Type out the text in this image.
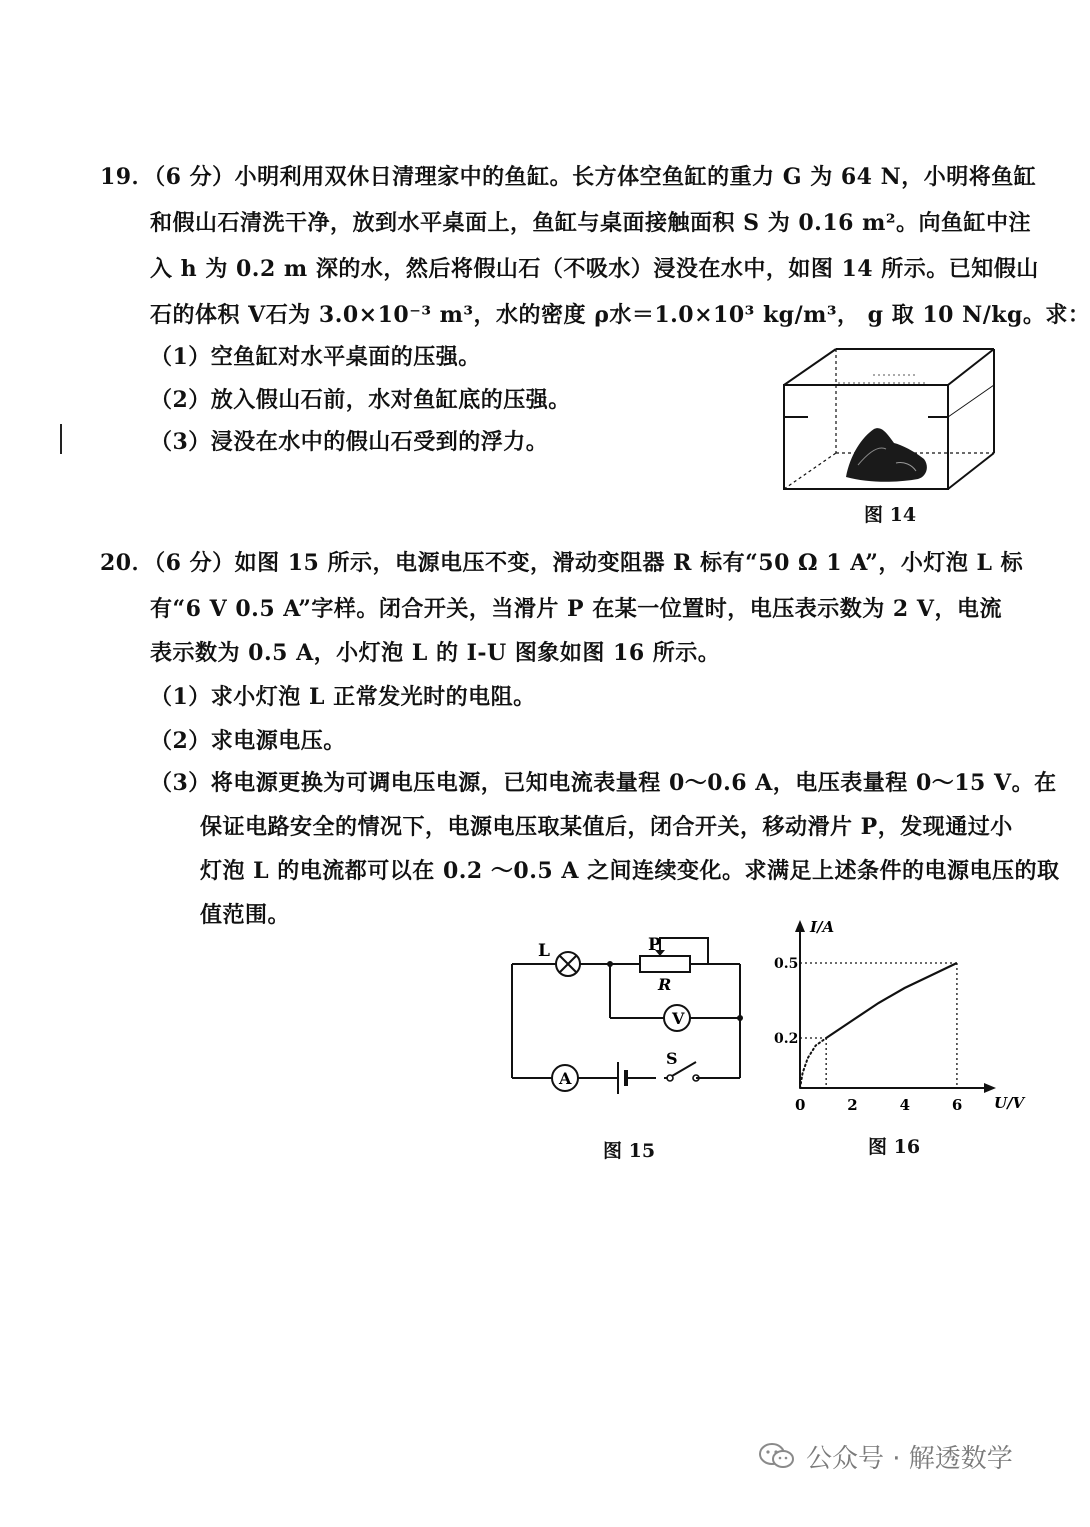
19．（6 分）小明利用双休日清理家中的鱼缸。长方体空鱼缸的重力 G 为 64 N，小明将鱼缸
和假山石清洗干净，放到水平桌面上，鱼缸与桌面接触面积 S 为 0.16 m²。向鱼缸中注
入 h 为 0.2 m 深的水，然后将假山石（不吸水）浸没在水中，如图 14 所示。已知假山
石的体积 V石为 3.0×10⁻³ m³，水的密度 ρ水＝1.0×10³ kg/m³， g 取 10 N/kg。求：
（1）空鱼缸对水平桌面的压强。
（2）放入假山石前，水对鱼缸底的压强。
（3）浸没在水中的假山石受到的浮力。
图 14
20．（6 分）如图 15 所示，电源电压不变，滑动变阻器 R 标有“50 Ω 1 A”，小灯泡 L 标
有“6 V 0.5 A”字样。闭合开关，当滑片 P 在某一位置时，电压表示数为 2 V，电流
表示数为 0.5 A，小灯泡 L 的 I-U 图象如图 16 所示。
（1）求小灯泡 L 正常发光时的电阻。
（2）求电源电压。
（3）将电源更换为可调电压电源，已知电流表量程 0～0.6 A，电压表量程 0～15 V。在
保证电路安全的情况下，电源电压取某值后，闭合开关，移动滑片 P，发现通过小
灯泡 L 的电流都可以在 0.2 ～0.5 A 之间连续变化。求满足上述条件的电源电压的取
值范围。
L	P
R
V
A
S
图 15
U/V
I/A
0	2	4	6
0.2
0.5
图 16
公众号 · 解透数学
